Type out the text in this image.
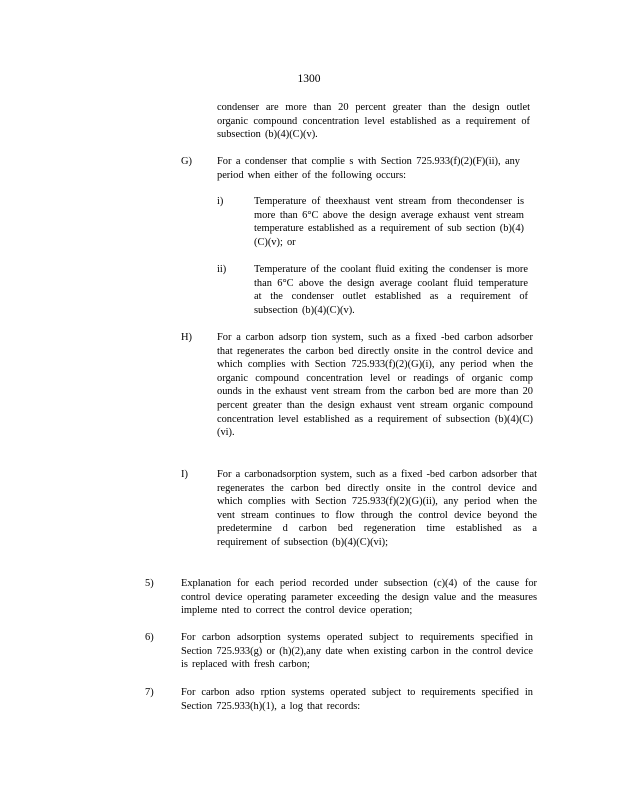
1300
condenser are more than 20 percent greater than the design outlet organic compound concentration level established as a requirement of subsection (b)(4)(C)(v).
G) For a condenser that complie s with Section 725.933(f)(2)(F)(ii), any period when either of the following occurs:
i)	Temperature of theexhaust vent stream from thecondenser is more than 6°C above the design average exhaust vent stream temperature established as a requirement of sub section (b)(4)(C)(v); or
ii)	Temperature of the coolant fluid exiting the condenser is more than 6°C above the design average coolant fluid temperature at the condenser outlet established as a requirement of subsection (b)(4)(C)(v).
H) For a carbon adsorp tion system, such as a fixed -bed carbon adsorber that regenerates the carbon bed directly onsite in the control device and which complies with Section 725.933(f)(2)(G)(i), any period when the organic compound concentration level or readings of organic comp ounds in the exhaust vent stream from the carbon bed are more than 20 percent greater than the design exhaust vent stream organic compound concentration level established as a requirement of subsection (b)(4)(C)(vi).
I)	For a carbonadsorption system, such as a fixed -bed carbon adsorber that regenerates the carbon bed directly onsite in the control device and which complies with Section 725.933(f)(2)(G)(ii), any period when the vent stream continues to flow through the control device beyond the predetermine d carbon bed regeneration time established as a requirement of subsection (b)(4)(C)(vi);
5)	Explanation for each period recorded under subsection (c)(4) of the cause for control device operating parameter exceeding the design value and the measures impleme nted to correct the control device operation;
6)	For carbon adsorption systems operated subject to requirements specified in Section 725.933(g) or (h)(2),any date when existing carbon in the control device is replaced with fresh carbon;
7)	For carbon adso rption systems operated subject to requirements specified in Section 725.933(h)(1), a log that records:
